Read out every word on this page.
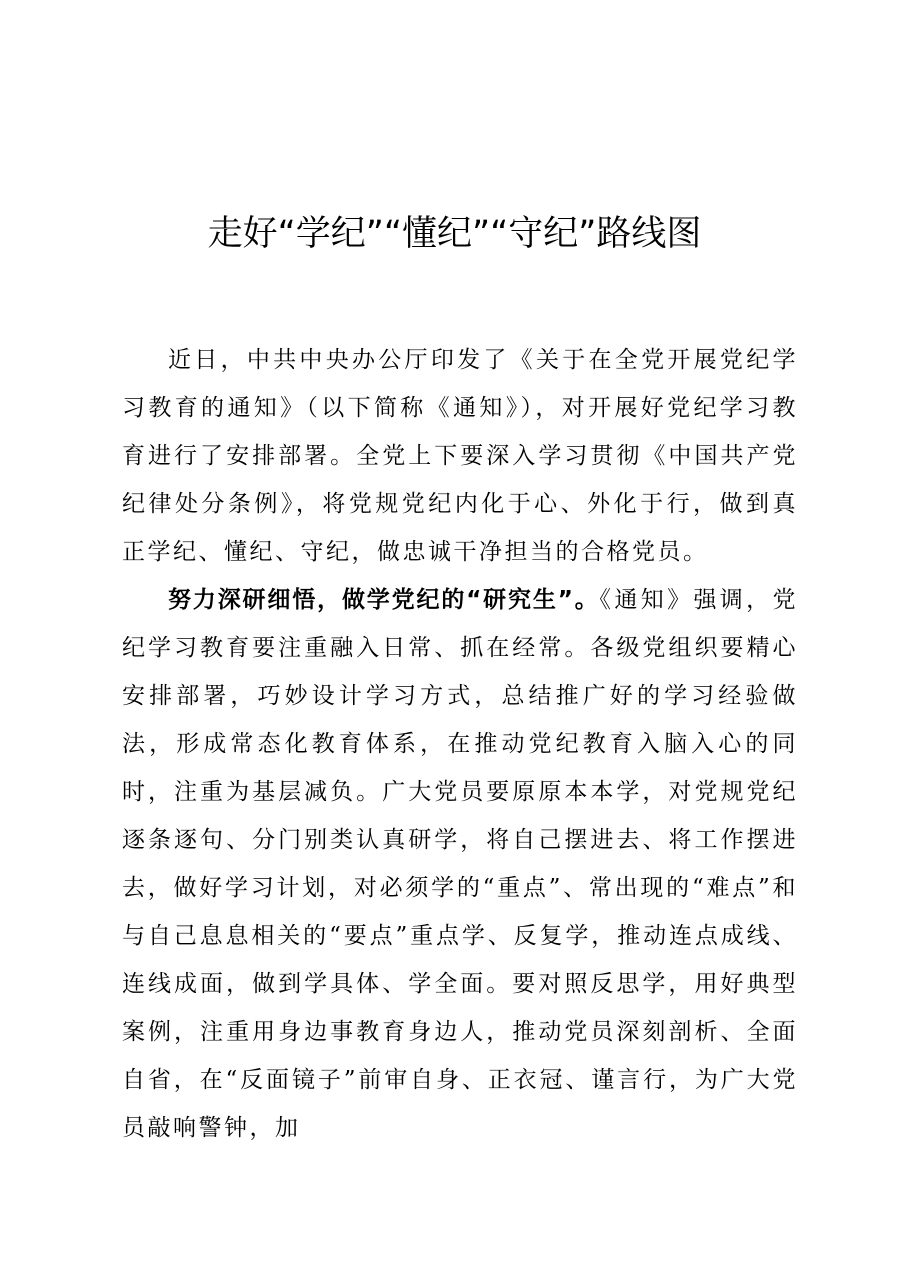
走好“学纪”“懂纪”“守纪”路线图

近日，中共中央办公厅印发了《关于在全党开展党纪学习教育的通知》（以下简称《通知》），对开展好党纪学习教育进行了安排部署。全党上下要深入学习贯彻《中国共产党纪律处分条例》，将党规党纪内化于心、外化于行，做到真正学纪、懂纪、守纪，做忠诚干净担当的合格党员。

努力深研细悟，做学党纪的“研究生”。《通知》强调，党纪学习教育要注重融入日常、抓在经常。各级党组织要精心安排部署，巧妙设计学习方式，总结推广好的学习经验做法，形成常态化教育体系，在推动党纪教育入脑入心的同时，注重为基层减负。广大党员要原原本本学，对党规党纪逐条逐句、分门别类认真研学，将自己摆进去、将工作摆进去，做好学习计划，对必须学的“重点”、常出现的“难点”和与自己息息相关的“要点”重点学、反复学，推动连点成线、连线成面，做到学具体、学全面。要对照反思学，用好典型案例，注重用身边事教育身边人，推动党员深刻剖析、全面自省，在“反面镜子”前审自身、正衣冠、谨言行，为广大党员敲响警钟，加
